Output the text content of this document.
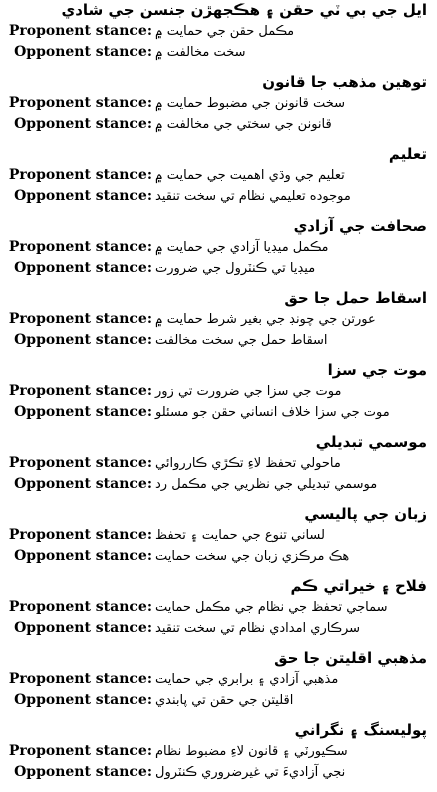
ايل جي بي ٽي حقن ۽ هڪجهڙن جنسن جي شادي
Proponent stance: مڪمل حقن جي حمايت ۾
Opponent stance: سخت مخالفت ۾
توهين مذهب جا قانون
Proponent stance: سخت قانونن جي مضبوط حمايت ۾
Opponent stance: قانونن جي سختي جي مخالفت ۾
تعليم
Proponent stance: تعليم جي وڌي اهميت جي حمايت ۾
Opponent stance: موجوده تعليمي نظام تي سخت تنقيد
صحافت جي آزادي
Proponent stance: مڪمل ميڊيا آزادي جي حمايت ۾
Opponent stance: ميڊيا تي ڪنٽرول جي ضرورت
اسقاط حمل جا حق
Proponent stance: عورتن جي چونڊ جي بغير شرط حمايت ۾
Opponent stance: اسقاط حمل جي سخت مخالفت
موت جي سزا
Proponent stance: موت جي سزا جي ضرورت تي زور
Opponent stance: موت جي سزا خلاف انساني حقن جو مسئلو
موسمي تبديلي
Proponent stance: ماحولي تحفظ لاءِ تڪڙي ڪارروائي
Opponent stance: موسمي تبديلي جي نظريي جي مڪمل رد
زبان جي پاليسي
Proponent stance: لساني تنوع جي حمايت ۽ تحفظ
Opponent stance: هڪ مرڪزي زبان جي سخت حمايت
فلاح ۽ خيراتي ڪم
Proponent stance: سماجي تحفظ جي نظام جي مڪمل حمايت
Opponent stance: سرڪاري امدادي نظام تي سخت تنقيد
مذهبي اقليتن جا حق
Proponent stance: مذهبي آزادي ۽ برابري جي حمايت
Opponent stance: اقليتن جي حقن تي پابندي
پوليسنگ ۽ نگراني
Proponent stance: سڪيورٽي ۽ قانون لاءِ مضبوط نظام
Opponent stance: نجي آزاديءَ تي غيرضروري ڪنٽرول
